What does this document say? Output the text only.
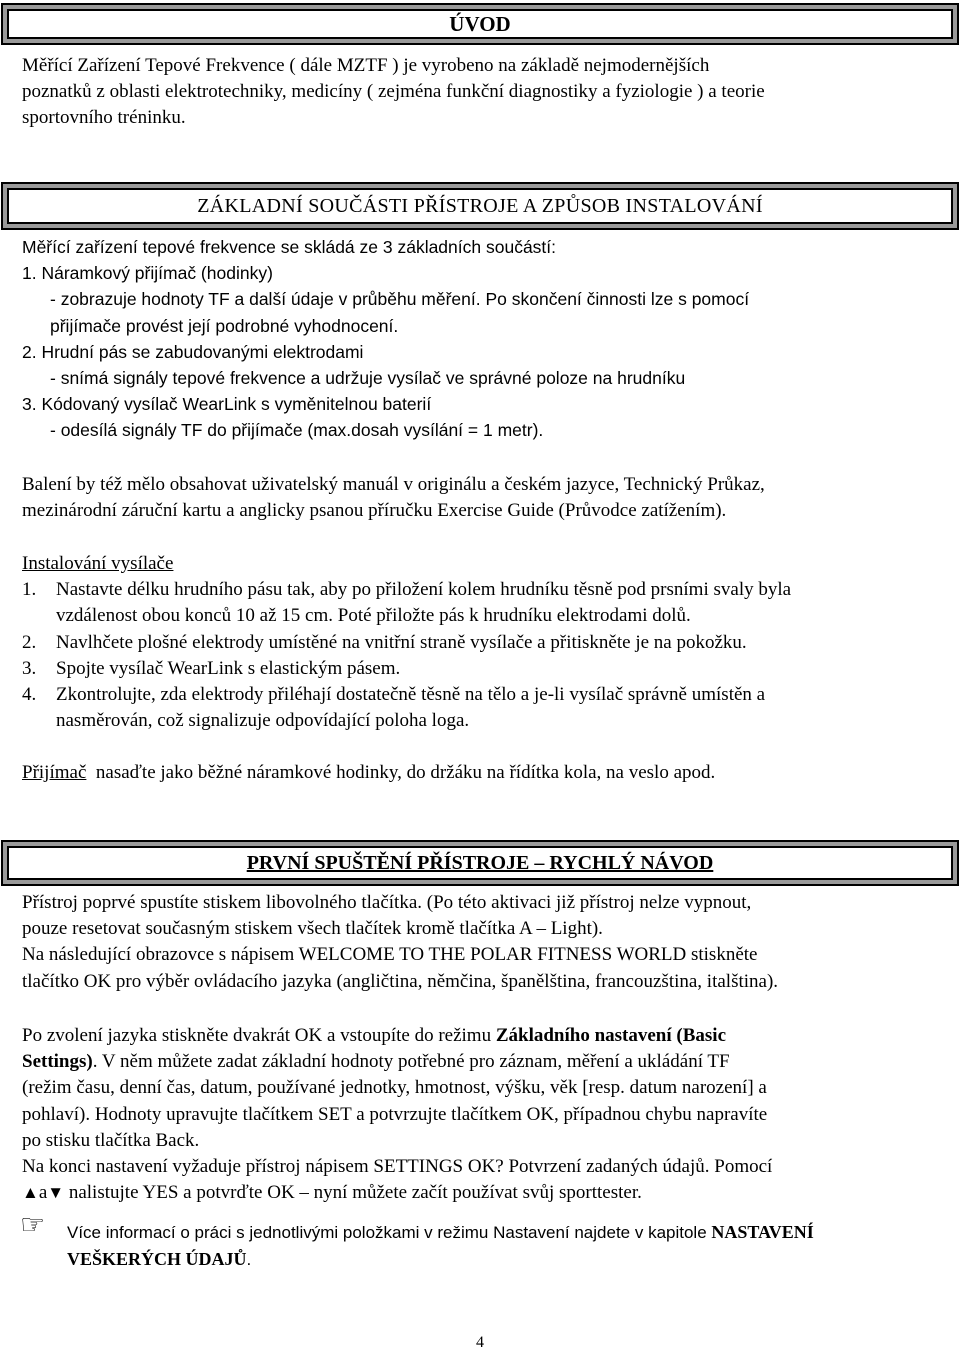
ÚVOD

Měřící Zařízení Tepové Frekvence ( dále MZTF ) je vyrobeno na základě nejmodernějších
poznatků z oblasti elektrotechniky, medicíny ( zejména funkční diagnostiky a fyziologie ) a teorie
sportovního tréninku.

ZÁKLADNÍ SOUČÁSTI PŘÍSTROJE A ZPŮSOB INSTALOVÁNÍ
Měřící zařízení tepové frekvence se skládá ze 3 základních součástí:
1. Náramkový přijímač (hodinky)
- zobrazuje hodnoty TF a další údaje v průběhu měření. Po skončení činnosti lze s pomocí
přijímače provést její podrobné vyhodnocení.
2. Hrudní pás se zabudovanými elektrodami
- snímá signály tepové frekvence a udržuje vysílač ve správné poloze na hrudníku
3. Kódovaný vysílač WearLink s vyměnitelnou baterií
- odesílá signály TF do přijímače (max.dosah vysílání = 1 metr).

Balení by též mělo obsahovat uživatelský manuál v originálu a českém jazyce, Technický Průkaz,
mezinárodní záruční kartu a anglicky psanou příručku Exercise Guide (Průvodce zatížením).

Instalování vysílače
1. Nastavte délku hrudního pásu tak, aby po přiložení kolem hrudníku těsně pod prsními svaly byla
vzdálenost obou konců 10 až 15 cm. Poté přiložte pás k hrudníku elektrodami dolů.
2. Navlhčete plošné elektrody umístěné na vnitřní straně vysílače a přitiskněte je na pokožku.
3. Spojte vysílač WearLink s elastickým pásem.
4. Zkontrolujte, zda elektrody přiléhají dostatečně těsně na tělo a je-li vysílač správně umístěn a
nasměrován, což signalizuje odpovídající poloha loga.

Přijímač nasaďte jako běžné náramkové hodinky, do držáku na řídítka kola, na veslo apod.

PRVNÍ SPUŠTĚNÍ PŘÍSTROJE – RYCHLÝ NÁVOD

Přístroj poprvé spustíte stiskem libovolného tlačítka. (Po této aktivaci již přístroj nelze vypnout,
pouze resetovat současným stiskem všech tlačítek kromě tlačítka A – Light).
Na následující obrazovce s nápisem WELCOME TO THE POLAR FITNESS WORLD stiskněte
tlačítko OK pro výběr ovládacího jazyka (angličtina, němčina, španělština, francouzština, italština).

Po zvolení jazyka stiskněte dvakrát OK a vstoupíte do režimu Základního nastavení (Basic
Settings). V něm můžete zadat základní hodnoty potřebné pro záznam, měření a ukládání TF
(režim času, denní čas, datum, používané jednotky, hmotnost, výšku, věk [resp. datum narození] a
pohlaví). Hodnoty upravujte tlačítkem SET a potvrzujte tlačítkem OK, případnou chybu napravíte
po stisku tlačítka Back.
Na konci nastavení vyžaduje přístroj nápisem SETTINGS OK? Potvrzení zadaných údajů. Pomocí
▲a▼ nalistujte YES a potvrďte OK – nyní můžete začít používat svůj sporttester.

☞ Více informací o práci s jednotlivými položkami v režimu Nastavení najdete v kapitole NASTAVENÍ
VEŠKERÝCH ÚDAJŮ.
4
